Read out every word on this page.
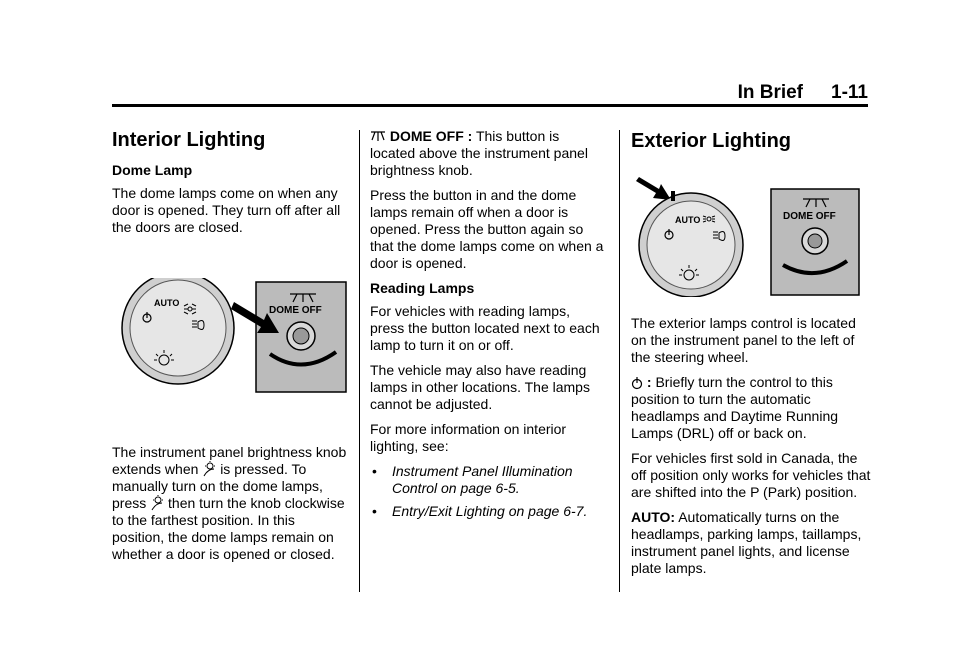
In Brief 1-11
Interior Lighting
Dome Lamp

The dome lamps come on when any door is opened. They turn off after all the doors are closed.

AUTO
DOME OFF

The instrument panel brightness knob extends when is pressed. To manually turn on the dome lamps, press then turn the knob clockwise to the farthest position. In this position, the dome lamps remain on whether a door is opened or closed.

DOME OFF : This button is located above the instrument panel brightness knob.

Press the button in and the dome lamps remain off when a door is opened. Press the button again so that the dome lamps come on when a door is opened.

Reading Lamps

For vehicles with reading lamps, press the button located next to each lamp to turn it on or off.

The vehicle may also have reading lamps in other locations. The lamps cannot be adjusted.

For more information on interior lighting, see:

• Instrument Panel Illumination Control on page 6-5.
• Entry/Exit Lighting on page 6-7.
Exterior Lighting
AUTO	DOME OFF

The exterior lamps control is located on the instrument panel to the left of the steering wheel.

: Briefly turn the control to this position to turn the automatic headlamps and Daytime Running Lamps (DRL) off or back on.

For vehicles first sold in Canada, the off position only works for vehicles that are shifted into the P (Park) position.

AUTO: Automatically turns on the headlamps, parking lamps, taillamps, instrument panel lights, and license plate lamps.
